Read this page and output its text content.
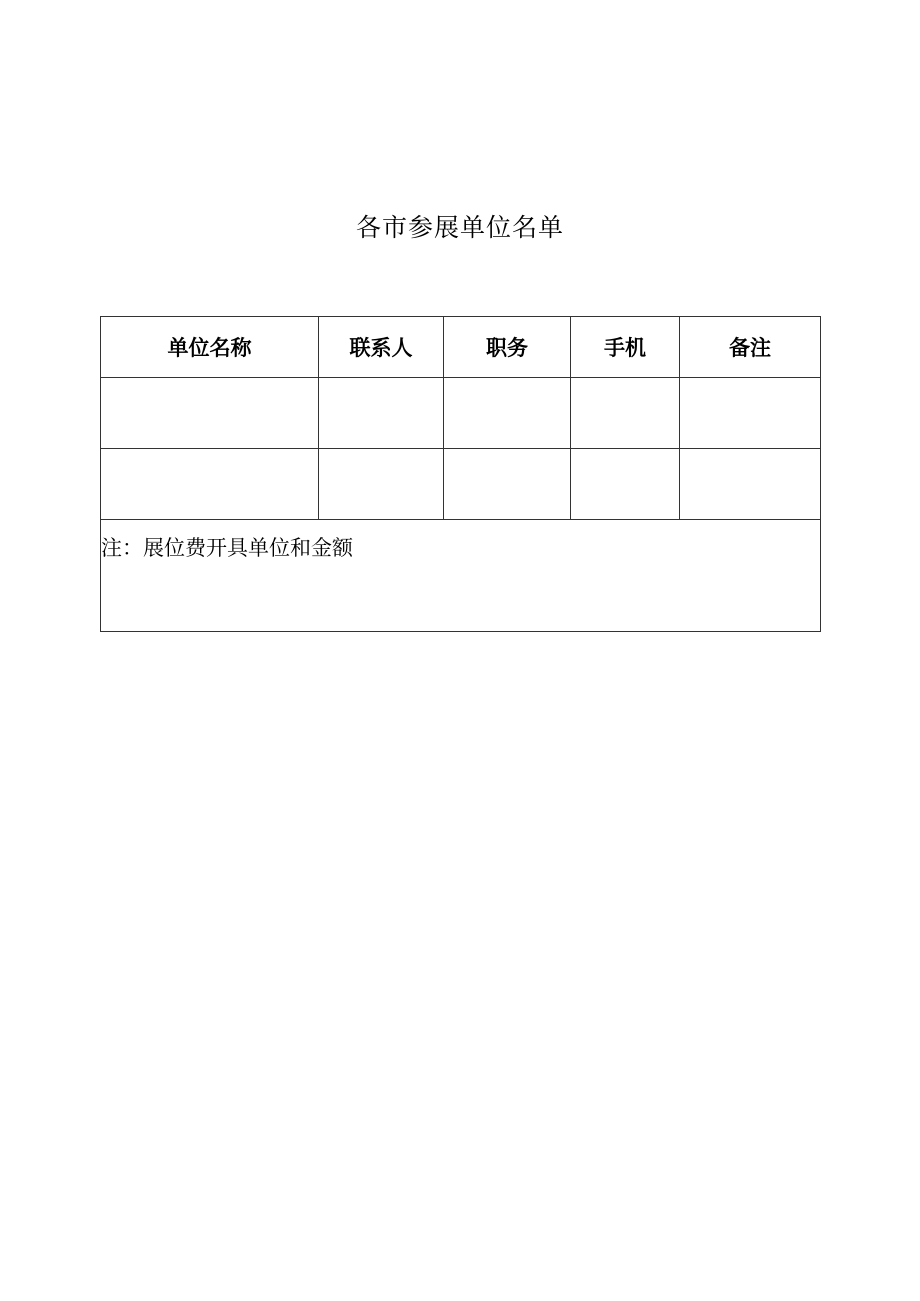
各市参展单位名单
单位名称	联系人	职务	手机	备注

注：展位费开具单位和金额				
